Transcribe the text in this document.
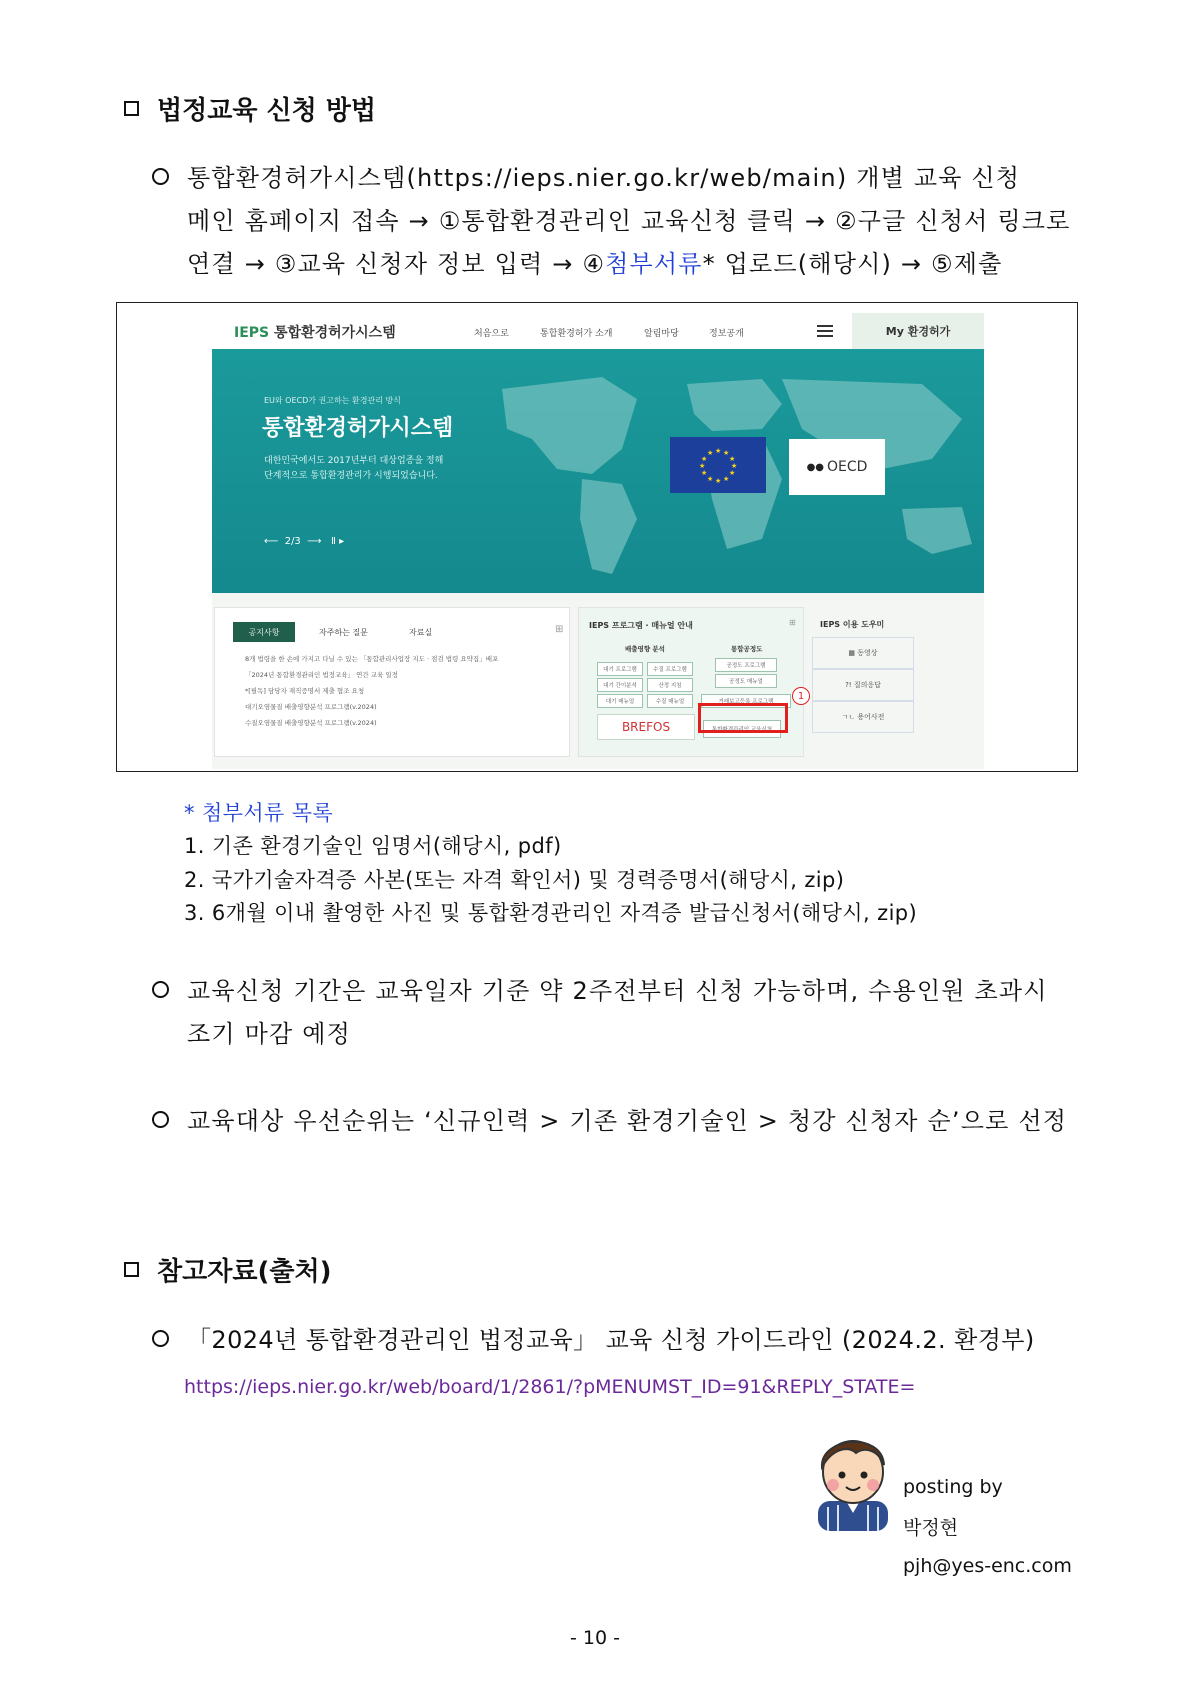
법정교육 신청 방법
통합환경허가시스템(https://ieps.nier.go.kr/web/main) 개별 교육 신청
메인 홈페이지 접속 → ①통합환경관리인 교육신청 클릭 → ②구글 신청서 링크로
연결 → ③교육 신청자 정보 입력 → ④첨부서류* 업로드(해당시) → ⑤제출
IEPS 통합환경허가시스템	처음으로	통합환경허가 소개	알림마당	정보공개	My 환경허가
EU와 OECD가 권고하는 환경관리 방식
통합환경허가시스템
대한민국에서도 2017년부터 대상업종을 정해
단계적으로 통합환경관리가 시행되었습니다.
⟵  2/3  ⟶   Ⅱ ▸
★ ★
★
★
★
★
★
★
★
★
★
★
●● OECD
공지사항	자주하는 질문	자료실	⊞
8개 법령을 한 손에 가지고 다닐 수 있는 「통합관리사업장 지도 · 점검 법령 요약집」배포
「2024년 통합환경관리인 법정교육」 연간 교육 일정
*[필독] 담당자 재직증명서 제출 협조 요청
대기오염물질 배출영향분석 프로그램(v.2024)
수질오염물질 배출영향분석 프로그램(v.2024)
IEPS 프로그램 · 매뉴얼 안내	⊞
배출영향 분석	통합공정도
대기 프로그램	수질 프로그램
대기 간이분석	산정 지침
대기 매뉴얼	수질 매뉴얼
공정도 프로그램
공정도 매뉴얼
거래보고등록 프로그램
BREFOS	통합환경관리인 교육신청
1
IEPS 이용 도우미
▦ 동영상
?! 질의응답
ㄱㄴ 용어사전
* 첨부서류 목록
1. 기존 환경기술인 임명서(해당시, pdf)
2. 국가기술자격증 사본(또는 자격 확인서) 및 경력증명서(해당시, zip)
3. 6개월 이내 촬영한 사진 및 통합환경관리인 자격증 발급신청서(해당시, zip)
교육신청 기간은 교육일자 기준 약 2주전부터 신청 가능하며, 수용인원 초과시
조기 마감 예정
교육대상 우선순위는 ‘신규인력 > 기존 환경기술인 > 청강 신청자 순’으로 선정
참고자료(출처)
「2024년 통합환경관리인 법정교육」 교육 신청 가이드라인 (2024.2. 환경부)
https://ieps.nier.go.kr/web/board/1/2861/?pMENUMST_ID=91&REPLY_STATE=
posting by
박정현
pjh@yes-enc.com
- 10 -
